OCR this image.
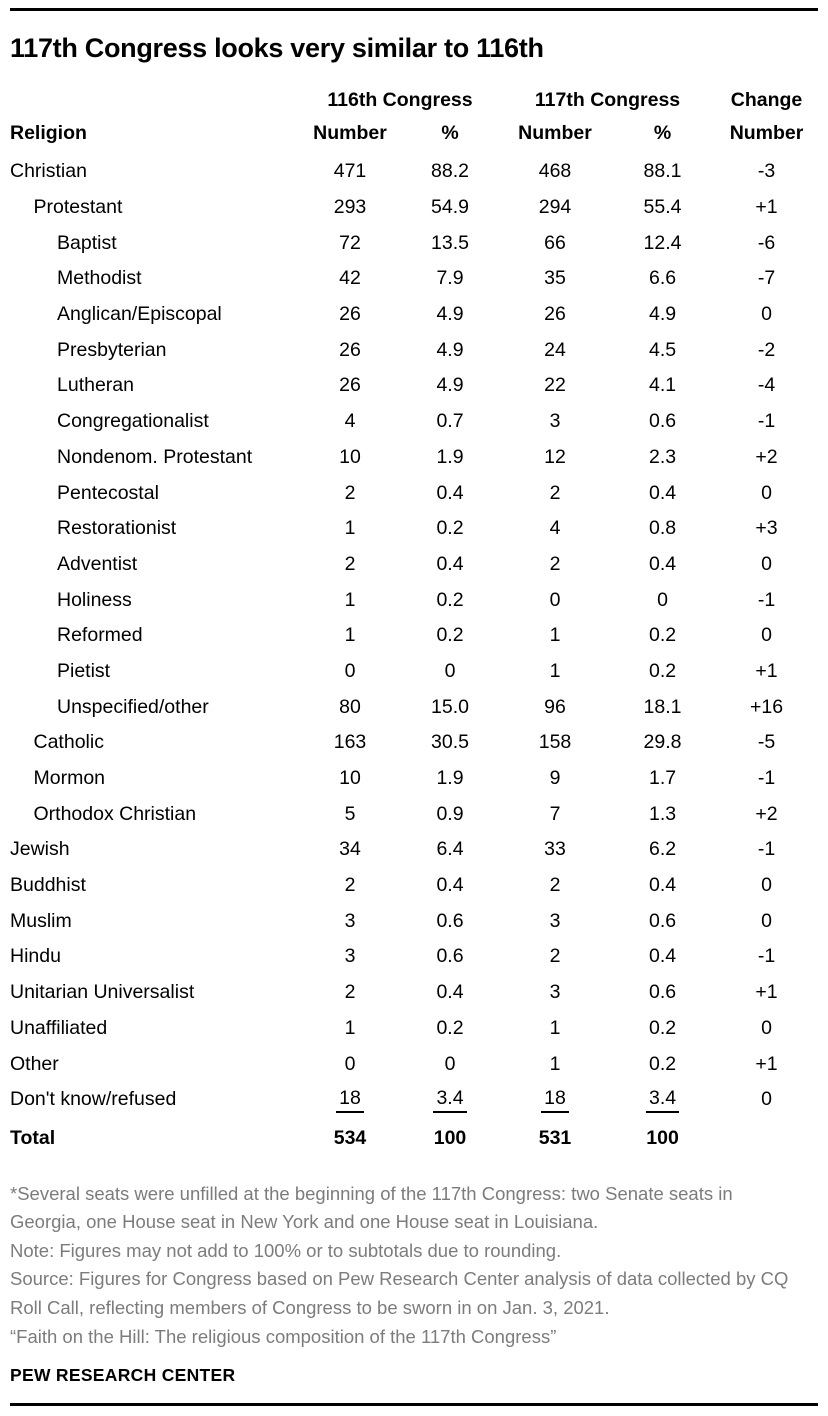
117th Congress looks very similar to 116th
	116th Congress		117th Congress		Change
Religion	Number	%	Number	%	Number
Christian	471	88.2	468	88.1	-3
Protestant	293	54.9	294	55.4	+1
Baptist	72	13.5	66	12.4	-6
Methodist	42	7.9	35	6.6	-7
Anglican/Episcopal	26	4.9	26	4.9	0
Presbyterian	26	4.9	24	4.5	-2
Lutheran	26	4.9	22	4.1	-4
Congregationalist	4	0.7	3	0.6	-1
Nondenom. Protestant	10	1.9	12	2.3	+2
Pentecostal	2	0.4	2	0.4	0
Restorationist	1	0.2	4	0.8	+3
Adventist	2	0.4	2	0.4	0
Holiness	1	0.2	0	0	-1
Reformed	1	0.2	1	0.2	0
Pietist	0	0	1	0.2	+1
Unspecified/other	80	15.0	96	18.1	+16
Catholic	163	30.5	158	29.8	-5
Mormon	10	1.9	9	1.7	-1
Orthodox Christian	5	0.9	7	1.3	+2
Jewish	34	6.4	33	6.2	-1
Buddhist	2	0.4	2	0.4	0
Muslim	3	0.6	3	0.6	0
Hindu	3	0.6	2	0.4	-1
Unitarian Universalist	2	0.4	3	0.6	+1
Unaffiliated	1	0.2	1	0.2	0
Other	0	0	1	0.2	+1
Don't know/refused	18	3.4	18	3.4	0
Total	534	100	531	100	

*Several seats were unfilled at the beginning of the 117th Congress: two Senate seats in Georgia, one House seat in New York and one House seat in Louisiana.

Note: Figures may not add to 100% or to subtotals due to rounding.

Source: Figures for Congress based on Pew Research Center analysis of data collected by CQ Roll Call, reflecting members of Congress to be sworn in on Jan. 3, 2021.

“Faith on the Hill: The religious composition of the 117th Congress”

PEW RESEARCH CENTER
